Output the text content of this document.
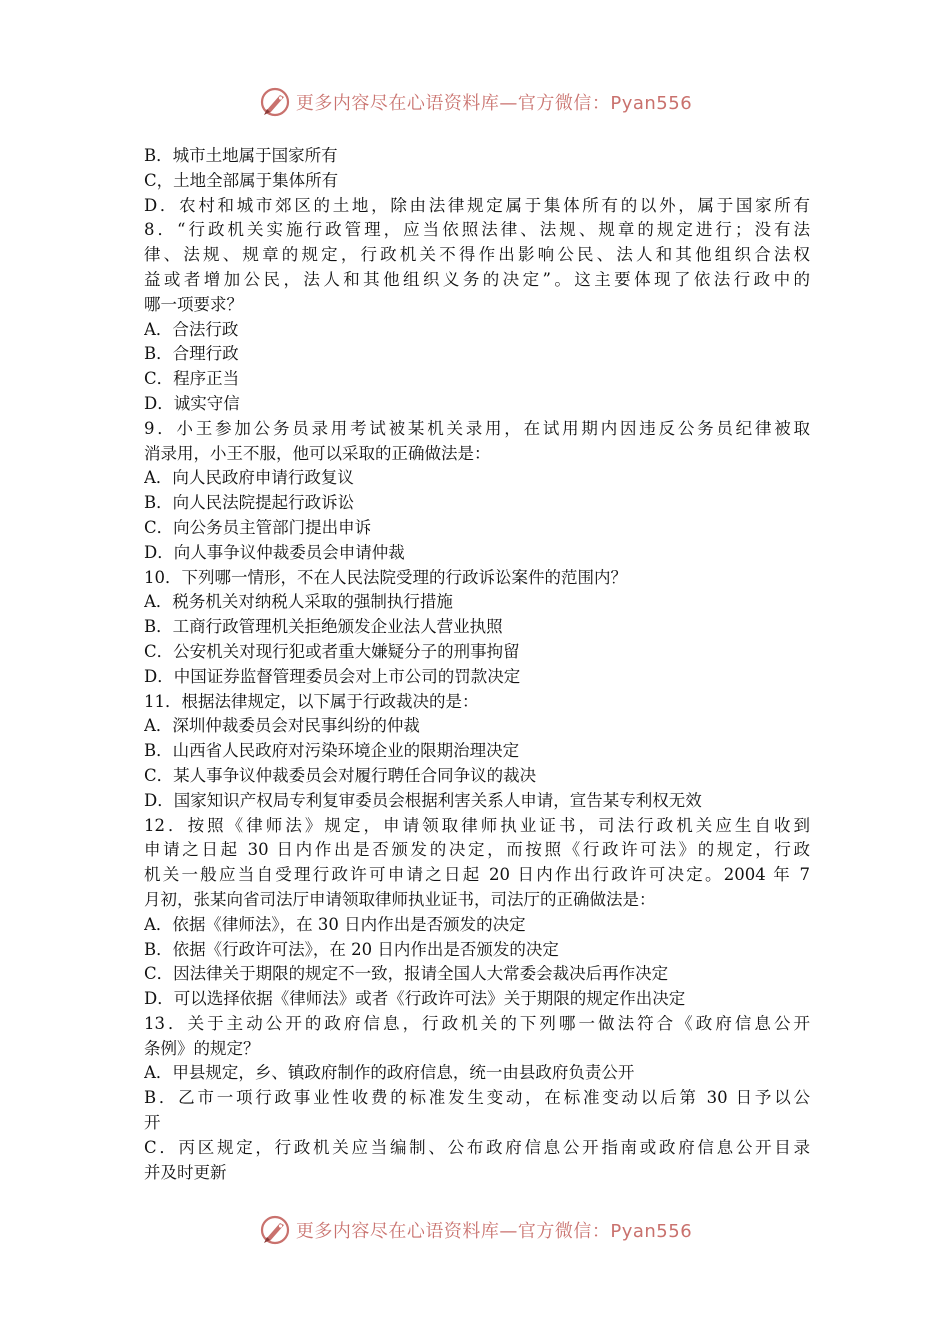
更多内容尽在心语资料库—官方微信：Pyan556
B．城市土地属于国家所有
C，土地全部属于集体所有
D．农村和城市郊区的土地，除由法律规定属于集体所有的以外，属于国家所有
8．“行政机关实施行政管理，应当依照法律、法规、规章的规定进行；没有法
律、法规、规章的规定，行政机关不得作出影响公民、法人和其他组织合法权
益或者增加公民，法人和其他组织义务的决定”。这主要体现了依法行政中的
哪一项要求？
A．合法行政
B．合理行政
C．程序正当
D．诚实守信
9．小王参加公务员录用考试被某机关录用，在试用期内因违反公务员纪律被取
消录用，小王不服，他可以采取的正确做法是：
A．向人民政府申请行政复议
B．向人民法院提起行政诉讼
C．向公务员主管部门提出申诉
D．向人事争议仲裁委员会申请仲裁
10．下列哪一情形，不在人民法院受理的行政诉讼案件的范围内？
A．税务机关对纳税人采取的强制执行措施
B．工商行政管理机关拒绝颁发企业法人营业执照
C．公安机关对现行犯或者重大嫌疑分子的刑事拘留
D．中国证券监督管理委员会对上市公司的罚款决定
11．根据法律规定，以下属于行政裁决的是：
A．深圳仲裁委员会对民事纠纷的仲裁
B．山西省人民政府对污染环境企业的限期治理决定
C．某人事争议仲裁委员会对履行聘任合同争议的裁决
D．国家知识产权局专利复审委员会根据利害关系人申请，宣告某专利权无效
12．按照《律师法》规定，申请领取律师执业证书，司法行政机关应生自收到
申请之日起 30 日内作出是否颁发的决定，而按照《行政许可法》的规定，行政
机关一般应当自受理行政许可申请之日起 20 日内作出行政许可决定。2004 年 7
月初，张某向省司法厅申请领取律师执业证书，司法厅的正确做法是：
A．依据《律师法》，在 30 日内作出是否颁发的决定
B．依据《行政许可法》，在 20 日内作出是否颁发的决定
C．因法律关于期限的规定不一致，报请全国人大常委会裁决后再作决定
D．可以选择依据《律师法》或者《行政许可法》关于期限的规定作出决定
13．关于主动公开的政府信息，行政机关的下列哪一做法符合《政府信息公开
条例》的规定？
A．甲县规定，乡、镇政府制作的政府信息，统一由县政府负责公开
B．乙市一项行政事业性收费的标准发生变动，在标准变动以后第 30 日予以公
开
C．丙区规定，行政机关应当编制、公布政府信息公开指南或政府信息公开目录
并及时更新
更多内容尽在心语资料库—官方微信：Pyan556
